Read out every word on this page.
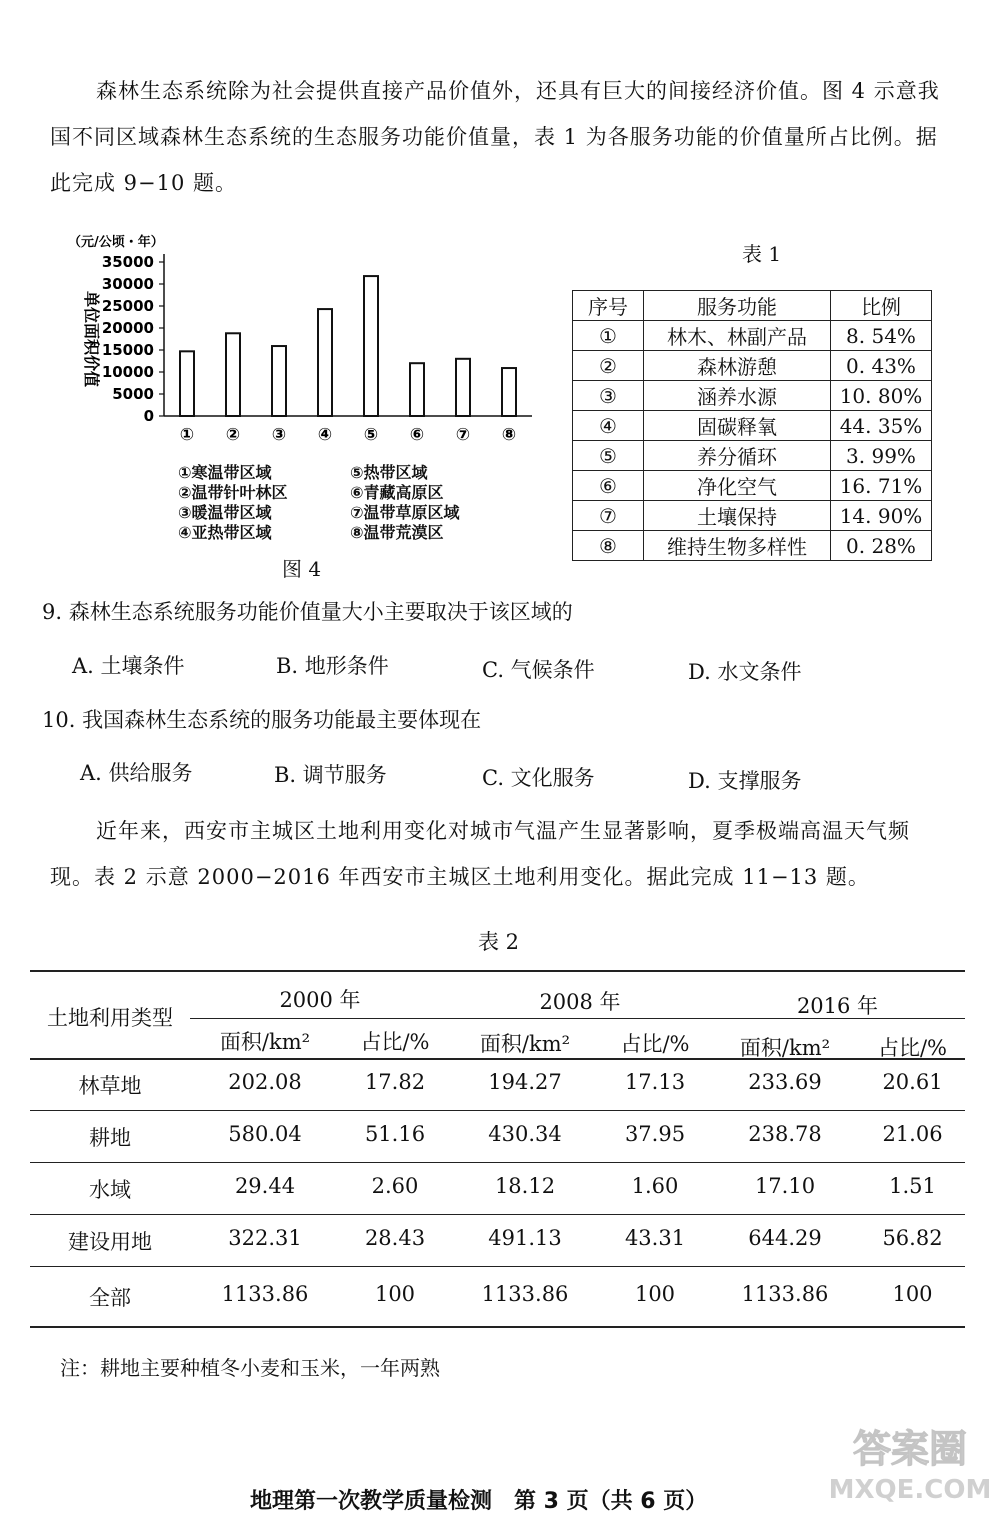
森林生态系统除为社会提供直接产品价值外，还具有巨大的间接经济价值。图 4 示意我
国不同区域森林生态系统的生态服务功能价值量，表 1 为各服务功能的价值量所占比例。据
此完成 9−10 题。
（元/公顷・年）
单位面积价值
35000
30000
25000
20000
15000
10000
5000
0
① ② ③ ④ ⑤ ⑥ ⑦ ⑧
①寒温带区域
②温带针叶林区
③暖温带区域
④亚热带区域
⑤热带区域
⑥青藏高原区
⑦温带草原区域
⑧温带荒漠区
图 4
表 1
序号	服务功能	比例
①	林木、林副产品	8. 54%
②	森林游憩	0. 43%
③	涵养水源	10. 80%
④	固碳释氧	44. 35%
⑤	养分循环	3. 99%
⑥	净化空气	16. 71%
⑦	土壤保持	14. 90%
⑧	维持生物多样性	0. 28%
9. 森林生态系统服务功能价值量大小主要取决于该区域的
A. 土壤条件	B. 地形条件	C. 气候条件	D. 水文条件
10. 我国森林生态系统的服务功能最主要体现在
A. 供给服务	B. 调节服务	C. 文化服务	D. 支撑服务
近年来，西安市主城区土地利用变化对城市气温产生显著影响，夏季极端高温天气频
现。表 2 示意 2000−2016 年西安市主城区土地利用变化。据此完成 11−13 题。
表 2
土地利用类型
2000 年	2008 年	2016 年
面积/km²	占比/%	面积/km²	占比/%	面积/km²	占比/%
林草地	202.08	17.82	194.27	17.13	233.69	20.61
耕地	580.04	51.16	430.34	37.95	238.78	21.06
水域	29.44	2.60	18.12	1.60	17.10	1.51
建设用地	322.31	28.43	491.13	43.31	644.29	56.82
全部	1133.86	100	1133.86	100	1133.86	100
注：耕地主要种植冬小麦和玉米，一年两熟
答案圈
MXQE.COM
地理第一次教学质量检测　第 3 页（共 6 页）
